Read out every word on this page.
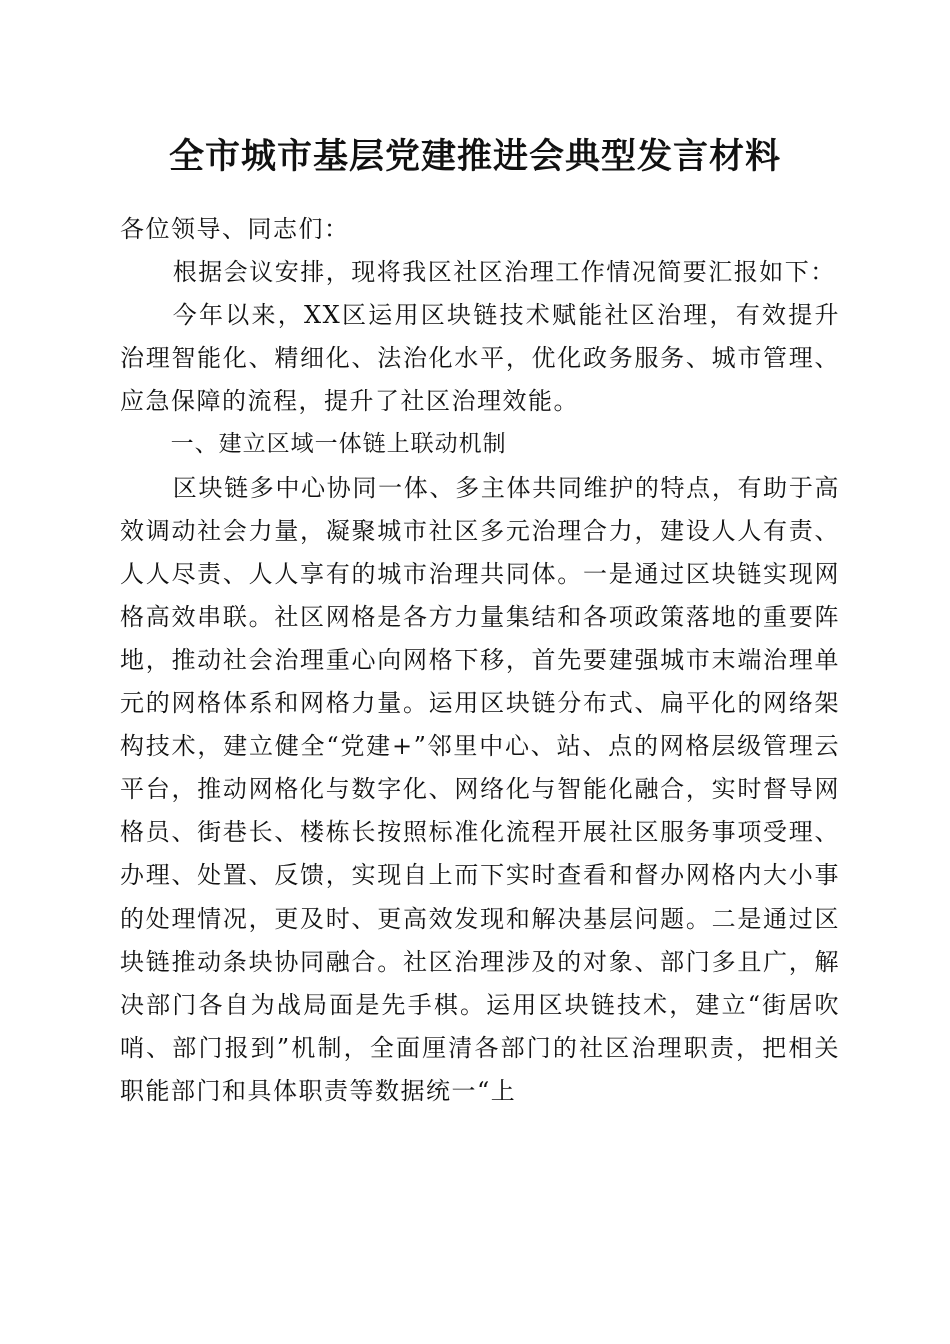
全市城市基层党建推进会典型发言材料

各位领导、同志们：

根据会议安排，现将我区社区治理工作情况简要汇报如下：

今年以来，XX区运用区块链技术赋能社区治理，有效提升治理智能化、精细化、法治化水平，优化政务服务、城市管理、应急保障的流程，提升了社区治理效能。

一、建立区域一体链上联动机制

区块链多中心协同一体、多主体共同维护的特点，有助于高效调动社会力量，凝聚城市社区多元治理合力，建设人人有责、人人尽责、人人享有的城市治理共同体。一是通过区块链实现网格高效串联。社区网格是各方力量集结和各项政策落地的重要阵地，推动社会治理重心向网格下移，首先要建强城市末端治理单元的网格体系和网格力量。运用区块链分布式、扁平化的网络架构技术，建立健全“党建+”邻里中心、站、点的网格层级管理云平台，推动网格化与数字化、网络化与智能化融合，实时督导网格员、街巷长、楼栋长按照标准化流程开展社区服务事项受理、办理、处置、反馈，实现自上而下实时查看和督办网格内大小事的处理情况，更及时、更高效发现和解决基层问题。二是通过区块链推动条块协同融合。社区治理涉及的对象、部门多且广，解决部门各自为战局面是先手棋。运用区块链技术，建立“街居吹哨、部门报到”机制，全面厘清各部门的社区治理职责，把相关职能部门和具体职责等数据统一“上
